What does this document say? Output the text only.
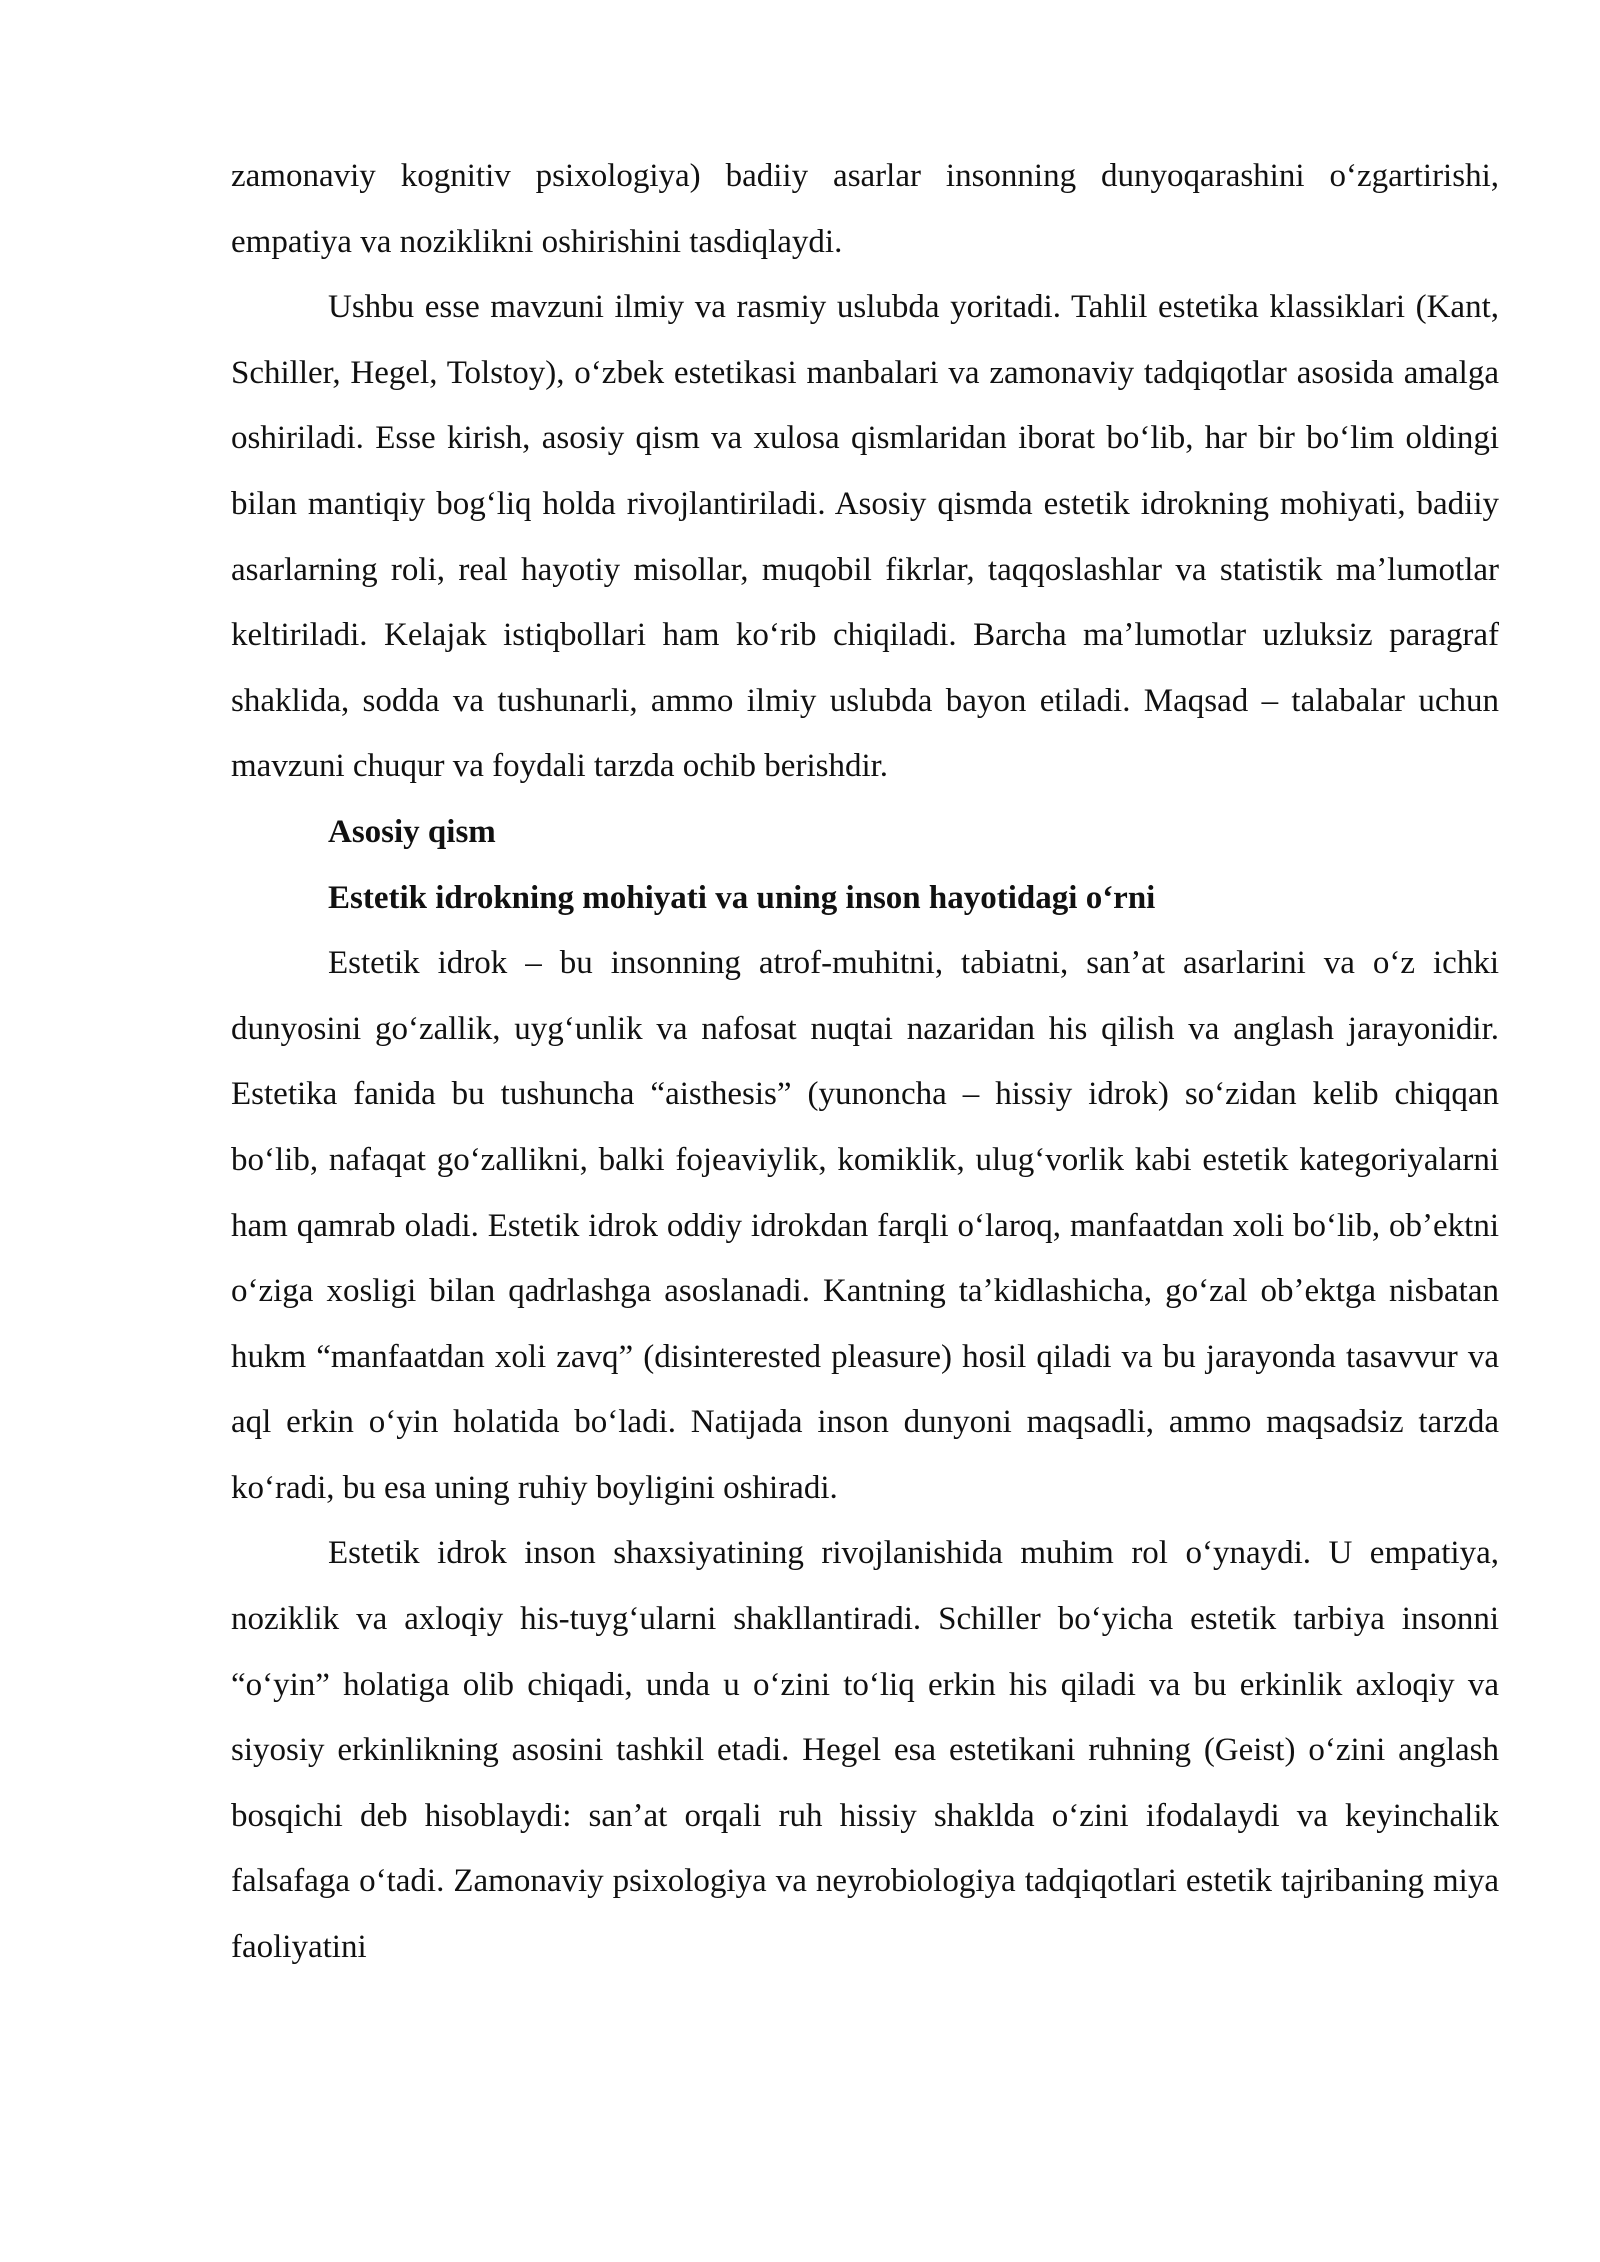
zamonaviy kognitiv psixologiya) badiiy asarlar insonning dunyoqarashini oʻzgartirishi, empatiya va noziklikni oshirishini tasdiqlaydi.

Ushbu esse mavzuni ilmiy va rasmiy uslubda yoritadi. Tahlil estetika klassiklari (Kant, Schiller, Hegel, Tolstoy), oʻzbek estetikasi manbalari va zamonaviy tadqiqotlar asosida amalga oshiriladi. Esse kirish, asosiy qism va xulosa qismlaridan iborat boʻlib, har bir boʻlim oldingi bilan mantiqiy bogʻliq holda rivojlantiriladi. Asosiy qismda estetik idrokning mohiyati, badiiy asarlarning roli, real hayotiy misollar, muqobil fikrlar, taqqoslashlar va statistik maʼlumotlar keltiriladi. Kelajak istiqbollari ham koʻrib chiqiladi. Barcha maʼlumotlar uzluksiz paragraf shaklida, sodda va tushunarli, ammo ilmiy uslubda bayon etiladi. Maqsad – talabalar uchun mavzuni chuqur va foydali tarzda ochib berishdir.

Asosiy qism
Estetik idrokning mohiyati va uning inson hayotidagi oʻrni

Estetik idrok – bu insonning atrof-muhitni, tabiatni, sanʼat asarlarini va oʻz ichki dunyosini goʻzallik, uygʻunlik va nafosat nuqtai nazaridan his qilish va anglash jarayonidir. Estetika fanida bu tushuncha “aisthesis” (yunoncha – hissiy idrok) soʻzidan kelib chiqqan boʻlib, nafaqat goʻzallikni, balki fojeaviylik, komiklik, ulugʻvorlik kabi estetik kategoriyalarni ham qamrab oladi. Estetik idrok oddiy idrokdan farqli oʻlaroq, manfaatdan xoli boʻlib, obʼektni oʻziga xosligi bilan qadrlashga asoslanadi. Kantning taʼkidlashicha, goʻzal obʼektga nisbatan hukm “manfaatdan xoli zavq” (disinterested pleasure) hosil qiladi va bu jarayonda tasavvur va aql erkin oʻyin holatida boʻladi. Natijada inson dunyoni maqsadli, ammo maqsadsiz tarzda koʻradi, bu esa uning ruhiy boyligini oshiradi.

Estetik idrok inson shaxsiyatining rivojlanishida muhim rol oʻynaydi. U empatiya, noziklik va axloqiy his-tuygʻularni shakllantiradi. Schiller boʻyicha estetik tarbiya insonni “oʻyin” holatiga olib chiqadi, unda u oʻzini toʻliq erkin his qiladi va bu erkinlik axloqiy va siyosiy erkinlikning asosini tashkil etadi. Hegel esa estetikani ruhning (Geist) oʻzini anglash bosqichi deb hisoblaydi: sanʼat orqali ruh hissiy shaklda oʻzini ifodalaydi va keyinchalik falsafaga oʻtadi. Zamonaviy psixologiya va neyrobiologiya tadqiqotlari estetik tajribaning miya faoliyatini
